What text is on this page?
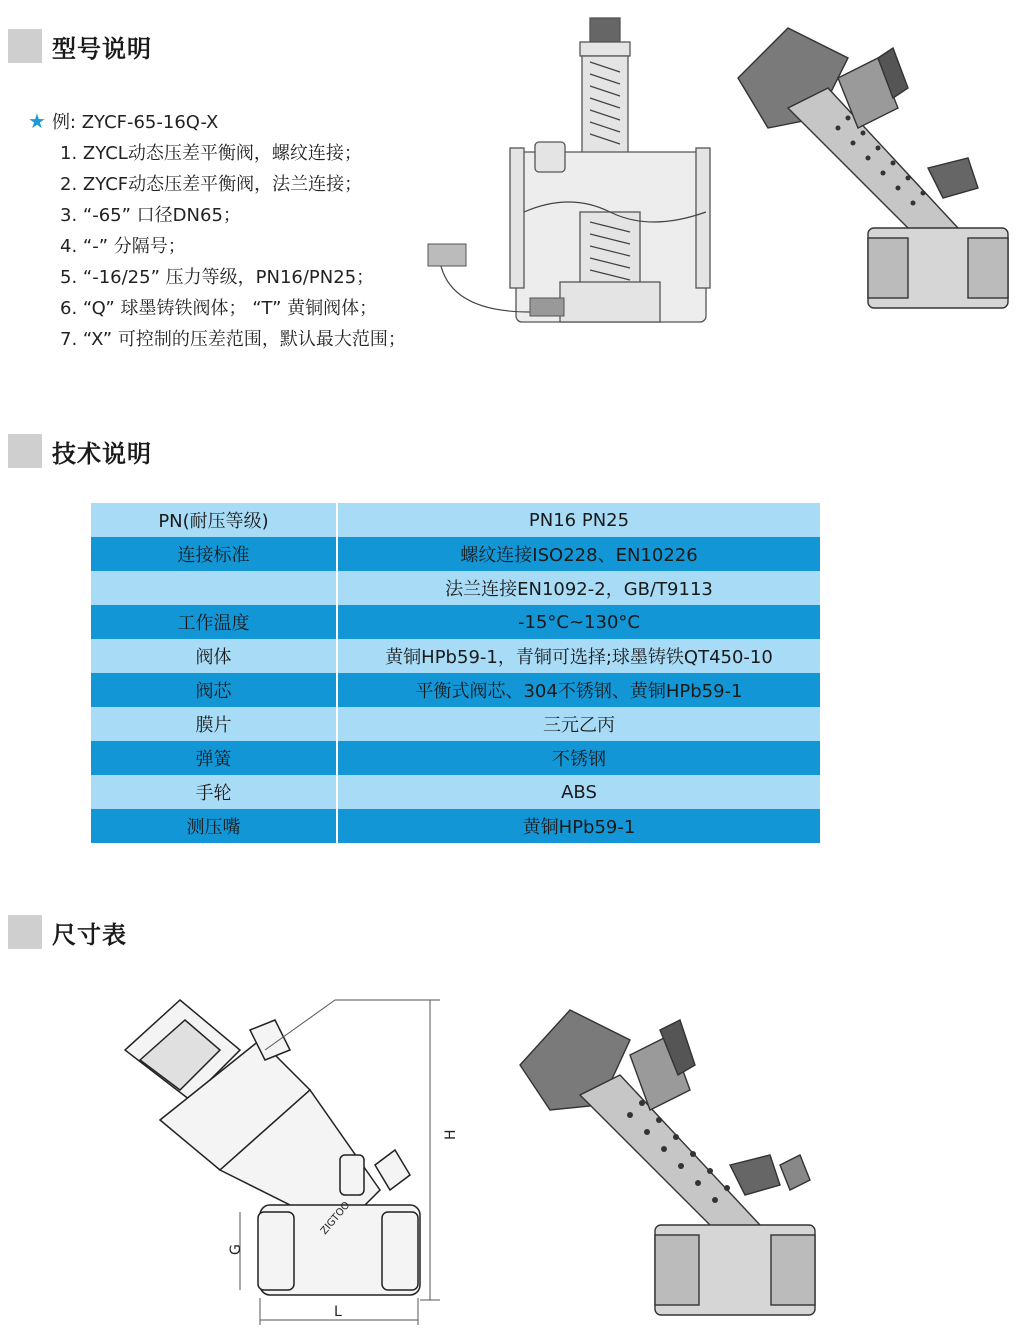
型号说明
★ 例: ZYCF-65-16Q-X
1. ZYCL动态压差平衡阀，螺纹连接；
2. ZYCF动态压差平衡阀，法兰连接；
3. “-65” 口径DN65；
4. “-” 分隔号；
5. “-16/25” 压力等级，PN16/PN25；
6. “Q” 球墨铸铁阀体； “T” 黄铜阀体；
7. “X” 可控制的压差范围，默认最大范围；
技术说明
PN(耐压等级)	PN16 PN25
连接标准	螺纹连接ISO228、EN10226
	法兰连接EN1092-2，GB/T9113
工作温度	-15°C~130°C
阀体	黄铜HPb59-1，青铜可选择;球墨铸铁QT450-10
阀芯	平衡式阀芯、304不锈钢、黄铜HPb59-1
膜片	三元乙丙
弹簧	不锈钢
手轮	ABS
测压嘴	黄铜HPb59-1
尺寸表
H
G
L
ZIGTOO
